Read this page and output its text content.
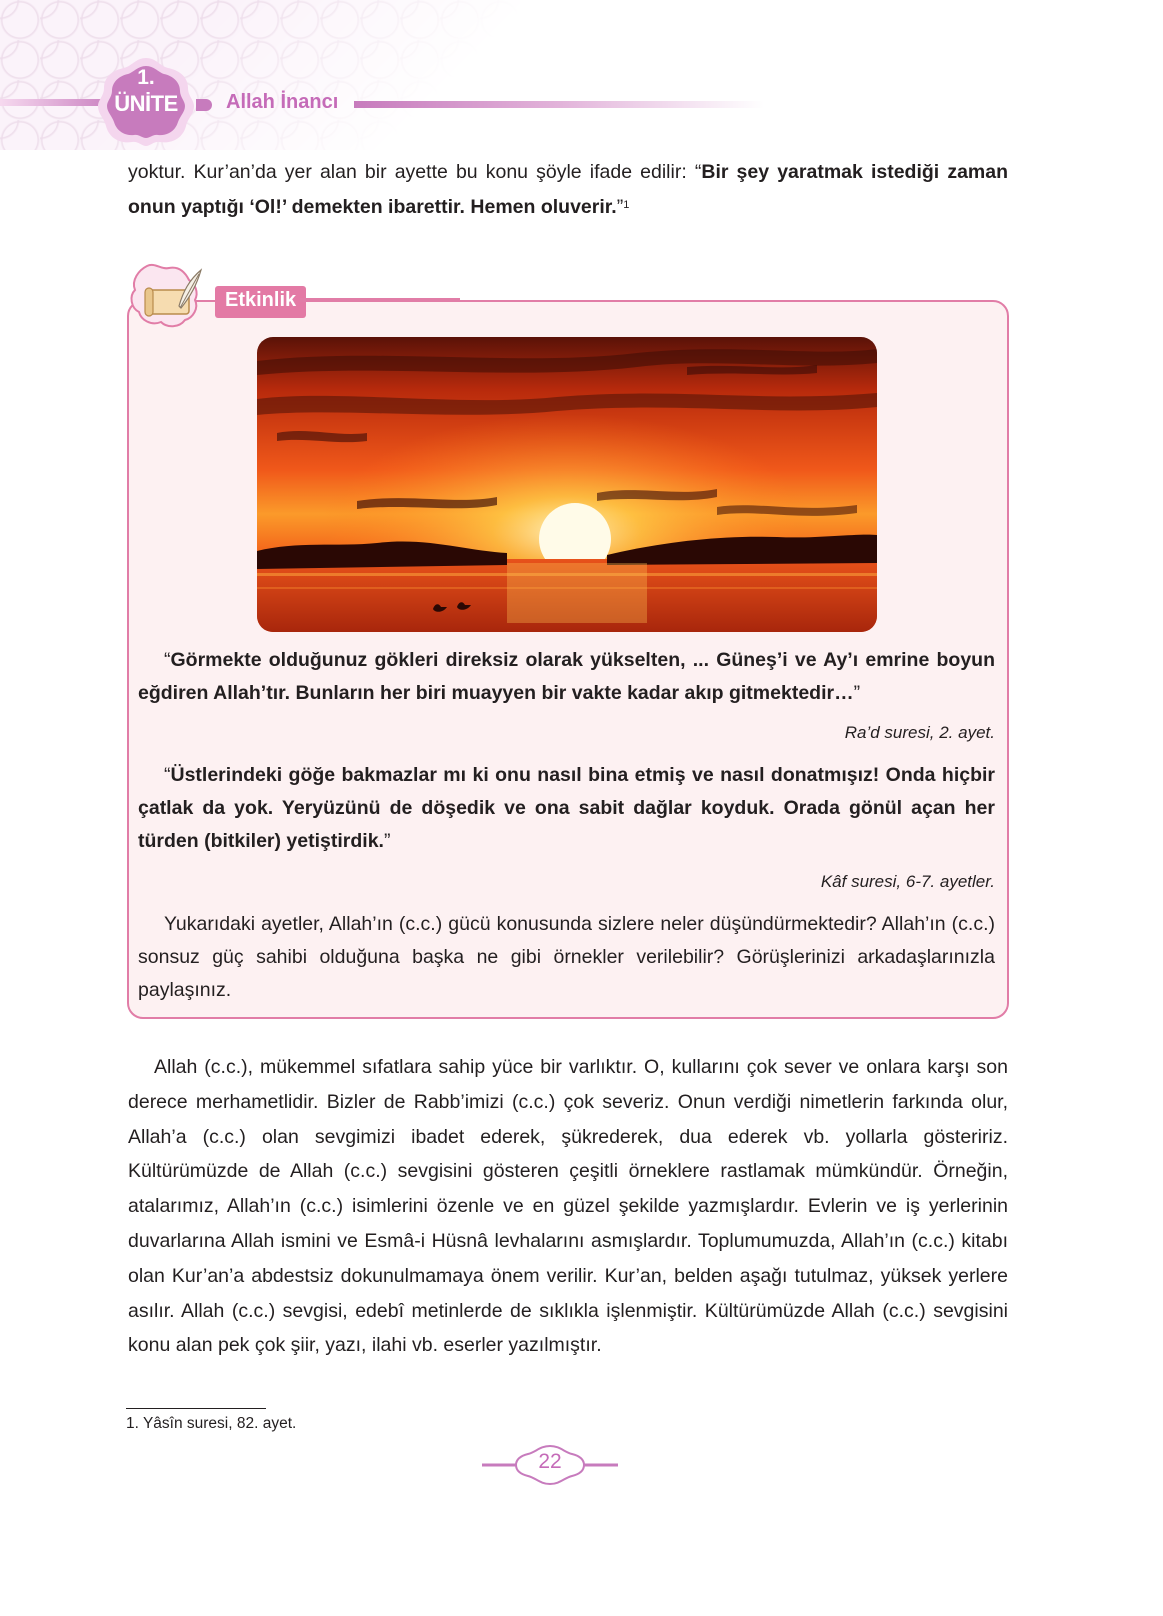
1.
ÜNİTE	Allah İnancı
yoktur. Kur’an’da yer alan bir ayette bu konu şöyle ifade edilir: “Bir şey yaratmak istediği zaman onun yaptığı ‘Ol!’ demekten ibarettir. Hemen oluverir.”$^1$
Etkinlik
“Görmekte olduğunuz gökleri direksiz olarak yükselten, ... Güneş’i ve Ay’ı emrine boyun eğdiren Allah’tır. Bunların her biri muayyen bir vakte kadar akıp gitmektedir…”
Ra’d suresi, 2. ayet.
“Üstlerindeki göğe bakmazlar mı ki onu nasıl bina etmiş ve nasıl donatmışız! Onda hiçbir çatlak da yok. Yeryüzünü de döşedik ve ona sabit dağlar koyduk. Orada gönül açan her türden (bitkiler) yetiştirdik.”
Kâf suresi, 6-7. ayetler.
Yukarıdaki ayetler, Allah’ın (c.c.) gücü konusunda sizlere neler düşündürmektedir? Allah’ın (c.c.) sonsuz güç sahibi olduğuna başka ne gibi örnekler verilebilir? Görüşlerinizi arkadaşlarınızla paylaşınız.
Allah (c.c.), mükemmel sıfatlara sahip yüce bir varlıktır. O, kullarını çok sever ve onlara karşı son derece merhametlidir. Bizler de Rabb’imizi (c.c.) çok severiz. Onun verdiği nimetlerin farkında olur, Allah’a (c.c.) olan sevgimizi ibadet ederek, şükrederek, dua ederek vb. yollarla gösteririz. Kültürümüzde de Allah (c.c.) sevgisini gösteren çeşitli örneklere rastlamak mümkündür. Örneğin, atalarımız, Allah’ın (c.c.) isimlerini özenle ve en güzel şekilde yazmışlardır. Evlerin ve iş yerlerinin duvarlarına Allah ismini ve Esmâ-i Hüsnâ levhalarını asmışlardır. Toplumumuzda, Allah’ın (c.c.) kitabı olan Kur’an’a abdestsiz dokunulmamaya önem verilir. Kur’an, belden aşağı tutulmaz, yüksek yerlere asılır. Allah (c.c.) sevgisi, edebî metinlerde de sıklıkla işlenmiştir. Kültürümüzde Allah (c.c.) sevgisini konu alan pek çok şiir, yazı, ilahi vb. eserler yazılmıştır.
1. Yâsîn suresi, 82. ayet.
22
